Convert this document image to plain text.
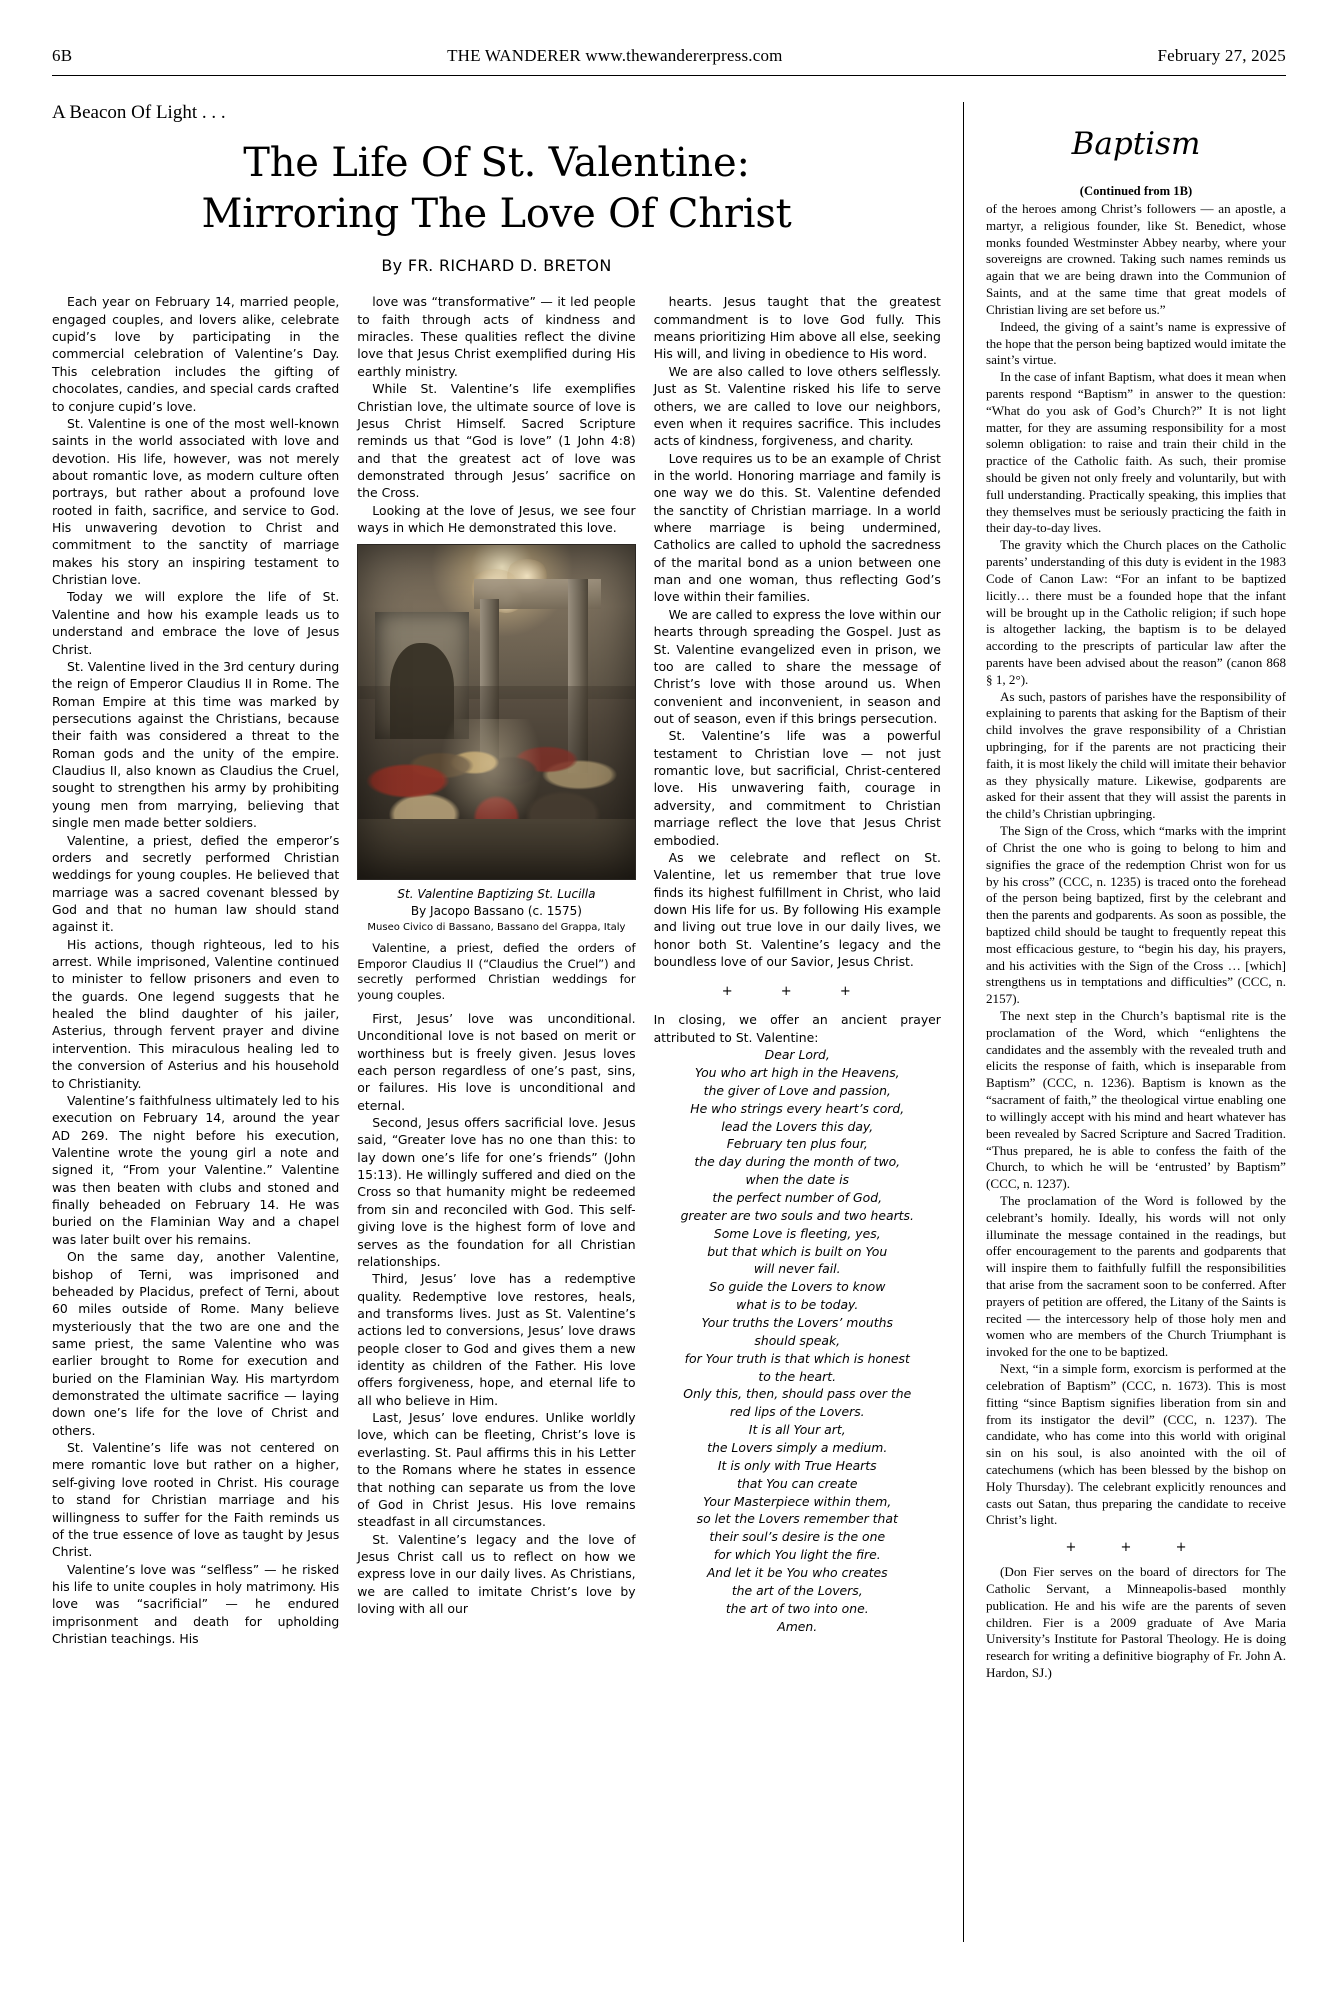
6B	THE WANDERER www.thewandererpress.com	February 27, 2025
A Beacon Of Light . . .
The Life Of St. Valentine:
Mirroring The Love Of Christ
By FR. RICHARD D. BRETON

Each year on February 14, married people, engaged couples, and lovers alike, celebrate cupid’s love by participating in the commercial celebration of Valentine’s Day. This celebration includes the gifting of chocolates, candies, and special cards crafted to conjure cupid’s love.

St. Valentine is one of the most well-known saints in the world associated with love and devotion. His life, however, was not merely about romantic love, as modern culture often portrays, but rather about a profound love rooted in faith, sacrifice, and service to God. His unwavering devotion to Christ and commitment to the sanctity of marriage makes his story an inspiring testament to Christian love.

Today we will explore the life of St. Valentine and how his example leads us to understand and embrace the love of Jesus Christ.

St. Valentine lived in the 3rd century during the reign of Emperor Claudius II in Rome. The Roman Empire at this time was marked by persecutions against the Christians, because their faith was considered a threat to the Roman gods and the unity of the empire. Claudius II, also known as Claudius the Cruel, sought to strengthen his army by prohibiting young men from marrying, believing that single men made better soldiers.

Valentine, a priest, defied the emperor’s orders and secretly performed Christian weddings for young couples. He believed that marriage was a sacred covenant blessed by God and that no human law should stand against it.

His actions, though righteous, led to his arrest. While imprisoned, Valentine continued to minister to fellow prisoners and even to the guards. One legend suggests that he healed the blind daughter of his jailer, Asterius, through fervent prayer and divine intervention. This miraculous healing led to the conversion of Asterius and his household to Christianity.

Valentine’s faithfulness ultimately led to his execution on February 14, around the year AD 269. The night before his execution, Valentine wrote the young girl a note and signed it, “From your Valentine.” Valentine was then beaten with clubs and stoned and finally beheaded on February 14. He was buried on the Flaminian Way and a chapel was later built over his remains.

On the same day, another Valentine, bishop of Terni, was imprisoned and beheaded by Placidus, prefect of Terni, about 60 miles outside of Rome. Many believe mysteriously that the two are one and the same priest, the same Valentine who was earlier brought to Rome for execution and buried on the Flaminian Way. His martyrdom demonstrated the ultimate sacrifice — laying down one’s life for the love of Christ and others.

St. Valentine’s life was not centered on mere romantic love but rather on a higher, self-giving love rooted in Christ. His courage to stand for Christian marriage and his willingness to suffer for the Faith reminds us of the true essence of love as taught by Jesus Christ.

Valentine’s love was “selfless” — he risked his life to unite couples in holy matrimony. His love was “sacrificial” — he endured imprisonment and death for upholding Christian teachings. His

love was “transformative” — it led people to faith through acts of kindness and miracles. These qualities reflect the divine love that Jesus Christ exemplified during His earthly ministry.

While St. Valentine’s life exemplifies Christian love, the ultimate source of love is Jesus Christ Himself. Sacred Scripture reminds us that “God is love” (1 John 4:8) and that the greatest act of love was demonstrated through Jesus’ sacrifice on the Cross.

Looking at the love of Jesus, we see four ways in which He demonstrated this love.

St. Valentine Baptizing St. Lucilla
By Jacopo Bassano (c. 1575)
Museo Civico di Bassano, Bassano del Grappa, Italy
Valentine, a priest, defied the orders of Emporor Claudius II (“Claudius the Cruel”) and secretly performed Christian weddings for young couples.

First, Jesus’ love was unconditional. Unconditional love is not based on merit or worthiness but is freely given. Jesus loves each person regardless of one’s past, sins, or failures. His love is unconditional and eternal.

Second, Jesus offers sacrificial love. Jesus said, “Greater love has no one than this: to lay down one’s life for one’s friends” (John 15:13). He willingly suffered and died on the Cross so that humanity might be redeemed from sin and reconciled with God. This self-giving love is the highest form of love and serves as the foundation for all Christian relationships.

Third, Jesus’ love has a redemptive quality. Redemptive love restores, heals, and transforms lives. Just as St. Valentine’s actions led to conversions, Jesus’ love draws people closer to God and gives them a new identity as children of the Father. His love offers forgiveness, hope, and eternal life to all who believe in Him.

Last, Jesus’ love endures. Unlike worldly love, which can be fleeting, Christ’s love is everlasting. St. Paul affirms this in his Letter to the Romans where he states in essence that nothing can separate us from the love of God in Christ Jesus. His love remains steadfast in all circumstances.

St. Valentine’s legacy and the love of Jesus Christ call us to reflect on how we express love in our daily lives. As Christians, we are called to imitate Christ’s love by loving with all our

hearts. Jesus taught that the greatest commandment is to love God fully. This means prioritizing Him above all else, seeking His will, and living in obedience to His word.

We are also called to love others selflessly. Just as St. Valentine risked his life to serve others, we are called to love our neighbors, even when it requires sacrifice. This includes acts of kindness, forgiveness, and charity.

Love requires us to be an example of Christ in the world. Honoring marriage and family is one way we do this. St. Valentine defended the sanctity of Christian marriage. In a world where marriage is being undermined, Catholics are called to uphold the sacredness of the marital bond as a union between one man and one woman, thus reflecting God’s love within their families.

We are called to express the love within our hearts through spreading the Gospel. Just as St. Valentine evangelized even in prison, we too are called to share the message of Christ’s love with those around us. When convenient and inconvenient, in season and out of season, even if this brings persecution.

St. Valentine’s life was a powerful testament to Christian love — not just romantic love, but sacrificial, Christ-centered love. His unwavering faith, courage in adversity, and commitment to Christian marriage reflect the love that Jesus Christ embodied.

As we celebrate and reflect on St. Valentine, let us remember that true love finds its highest fulfillment in Christ, who laid down His life for us. By following His example and living out true love in our daily lives, we honor both St. Valentine’s legacy and the boundless love of our Savior, Jesus Christ.

+ + +

In closing, we offer an ancient prayer attributed to St. Valentine:

Dear Lord,
You who art high in the Heavens,
the giver of Love and passion,
He who strings every heart’s cord,
lead the Lovers this day,
February ten plus four,
the day during the month of two,
when the date is
the perfect number of God,
greater are two souls and two hearts.
Some Love is fleeting, yes,
but that which is built on You
will never fail.
So guide the Lovers to know
what is to be today.
Your truths the Lovers’ mouths
should speak,
for Your truth is that which is honest
to the heart.
Only this, then, should pass over the
red lips of the Lovers.
It is all Your art,
the Lovers simply a medium.
It is only with True Hearts
that You can create
Your Masterpiece within them,
so let the Lovers remember that
their soul’s desire is the one
for which You light the fire.
And let it be You who creates
the art of the Lovers,
the art of two into one.
Amen.
Baptism
(Continued from 1B)

of the heroes among Christ’s followers — an apostle, a martyr, a religious founder, like St. Benedict, whose monks founded Westminster Abbey nearby, where your sovereigns are crowned. Taking such names reminds us again that we are being drawn into the Communion of Saints, and at the same time that great models of Christian living are set before us.”

Indeed, the giving of a saint’s name is expressive of the hope that the person being baptized would imitate the saint’s virtue.

In the case of infant Baptism, what does it mean when parents respond “Baptism” in answer to the question: “What do you ask of God’s Church?” It is not light matter, for they are assuming responsibility for a most solemn obligation: to raise and train their child in the practice of the Catholic faith. As such, their promise should be given not only freely and voluntarily, but with full understanding. Practically speaking, this implies that they themselves must be seriously practicing the faith in their day-to-day lives.

The gravity which the Church places on the Catholic parents’ understanding of this duty is evident in the 1983 Code of Canon Law: “For an infant to be baptized licitly… there must be a founded hope that the infant will be brought up in the Catholic religion; if such hope is altogether lacking, the baptism is to be delayed according to the prescripts of particular law after the parents have been advised about the reason” (canon 868 § 1, 2°).

As such, pastors of parishes have the responsibility of explaining to parents that asking for the Baptism of their child involves the grave responsibility of a Christian upbringing, for if the parents are not practicing their faith, it is most likely the child will imitate their behavior as they physically mature. Likewise, godparents are asked for their assent that they will assist the parents in the child’s Christian upbringing.

The Sign of the Cross, which “marks with the imprint of Christ the one who is going to belong to him and signifies the grace of the redemption Christ won for us by his cross” (CCC, n. 1235) is traced onto the forehead of the person being baptized, first by the celebrant and then the parents and godparents. As soon as possible, the baptized child should be taught to frequently repeat this most efficacious gesture, to “begin his day, his prayers, and his activities with the Sign of the Cross … [which] strengthens us in temptations and difficulties” (CCC, n. 2157).

The next step in the Church’s baptismal rite is the proclamation of the Word, which “enlightens the candidates and the assembly with the revealed truth and elicits the response of faith, which is inseparable from Baptism” (CCC, n. 1236). Baptism is known as the “sacrament of faith,” the theological virtue enabling one to willingly accept with his mind and heart whatever has been revealed by Sacred Scripture and Sacred Tradition. “Thus prepared, he is able to confess the faith of the Church, to which he will be ‘entrusted’ by Baptism” (CCC, n. 1237).

The proclamation of the Word is followed by the celebrant’s homily. Ideally, his words will not only illuminate the message contained in the readings, but offer encouragement to the parents and godparents that will inspire them to faithfully fulfill the responsibilities that arise from the sacrament soon to be conferred. After prayers of petition are offered, the Litany of the Saints is recited — the intercessory help of those holy men and women who are members of the Church Triumphant is invoked for the one to be baptized.

Next, “in a simple form, exorcism is performed at the celebration of Baptism” (CCC, n. 1673). This is most fitting “since Baptism signifies liberation from sin and from its instigator the devil” (CCC, n. 1237). The candidate, who has come into this world with original sin on his soul, is also anointed with the oil of catechumens (which has been blessed by the bishop on Holy Thursday). The celebrant explicitly renounces and casts out Satan, thus preparing the candidate to receive Christ’s light.

+ + +
(Don Fier serves on the board of directors for The Catholic Servant, a Minneapolis-based monthly publication. He and his wife are the parents of seven children. Fier is a 2009 graduate of Ave Maria University’s Institute for Pastoral Theology. He is doing research for writing a definitive biography of Fr. John A. Hardon, SJ.)
